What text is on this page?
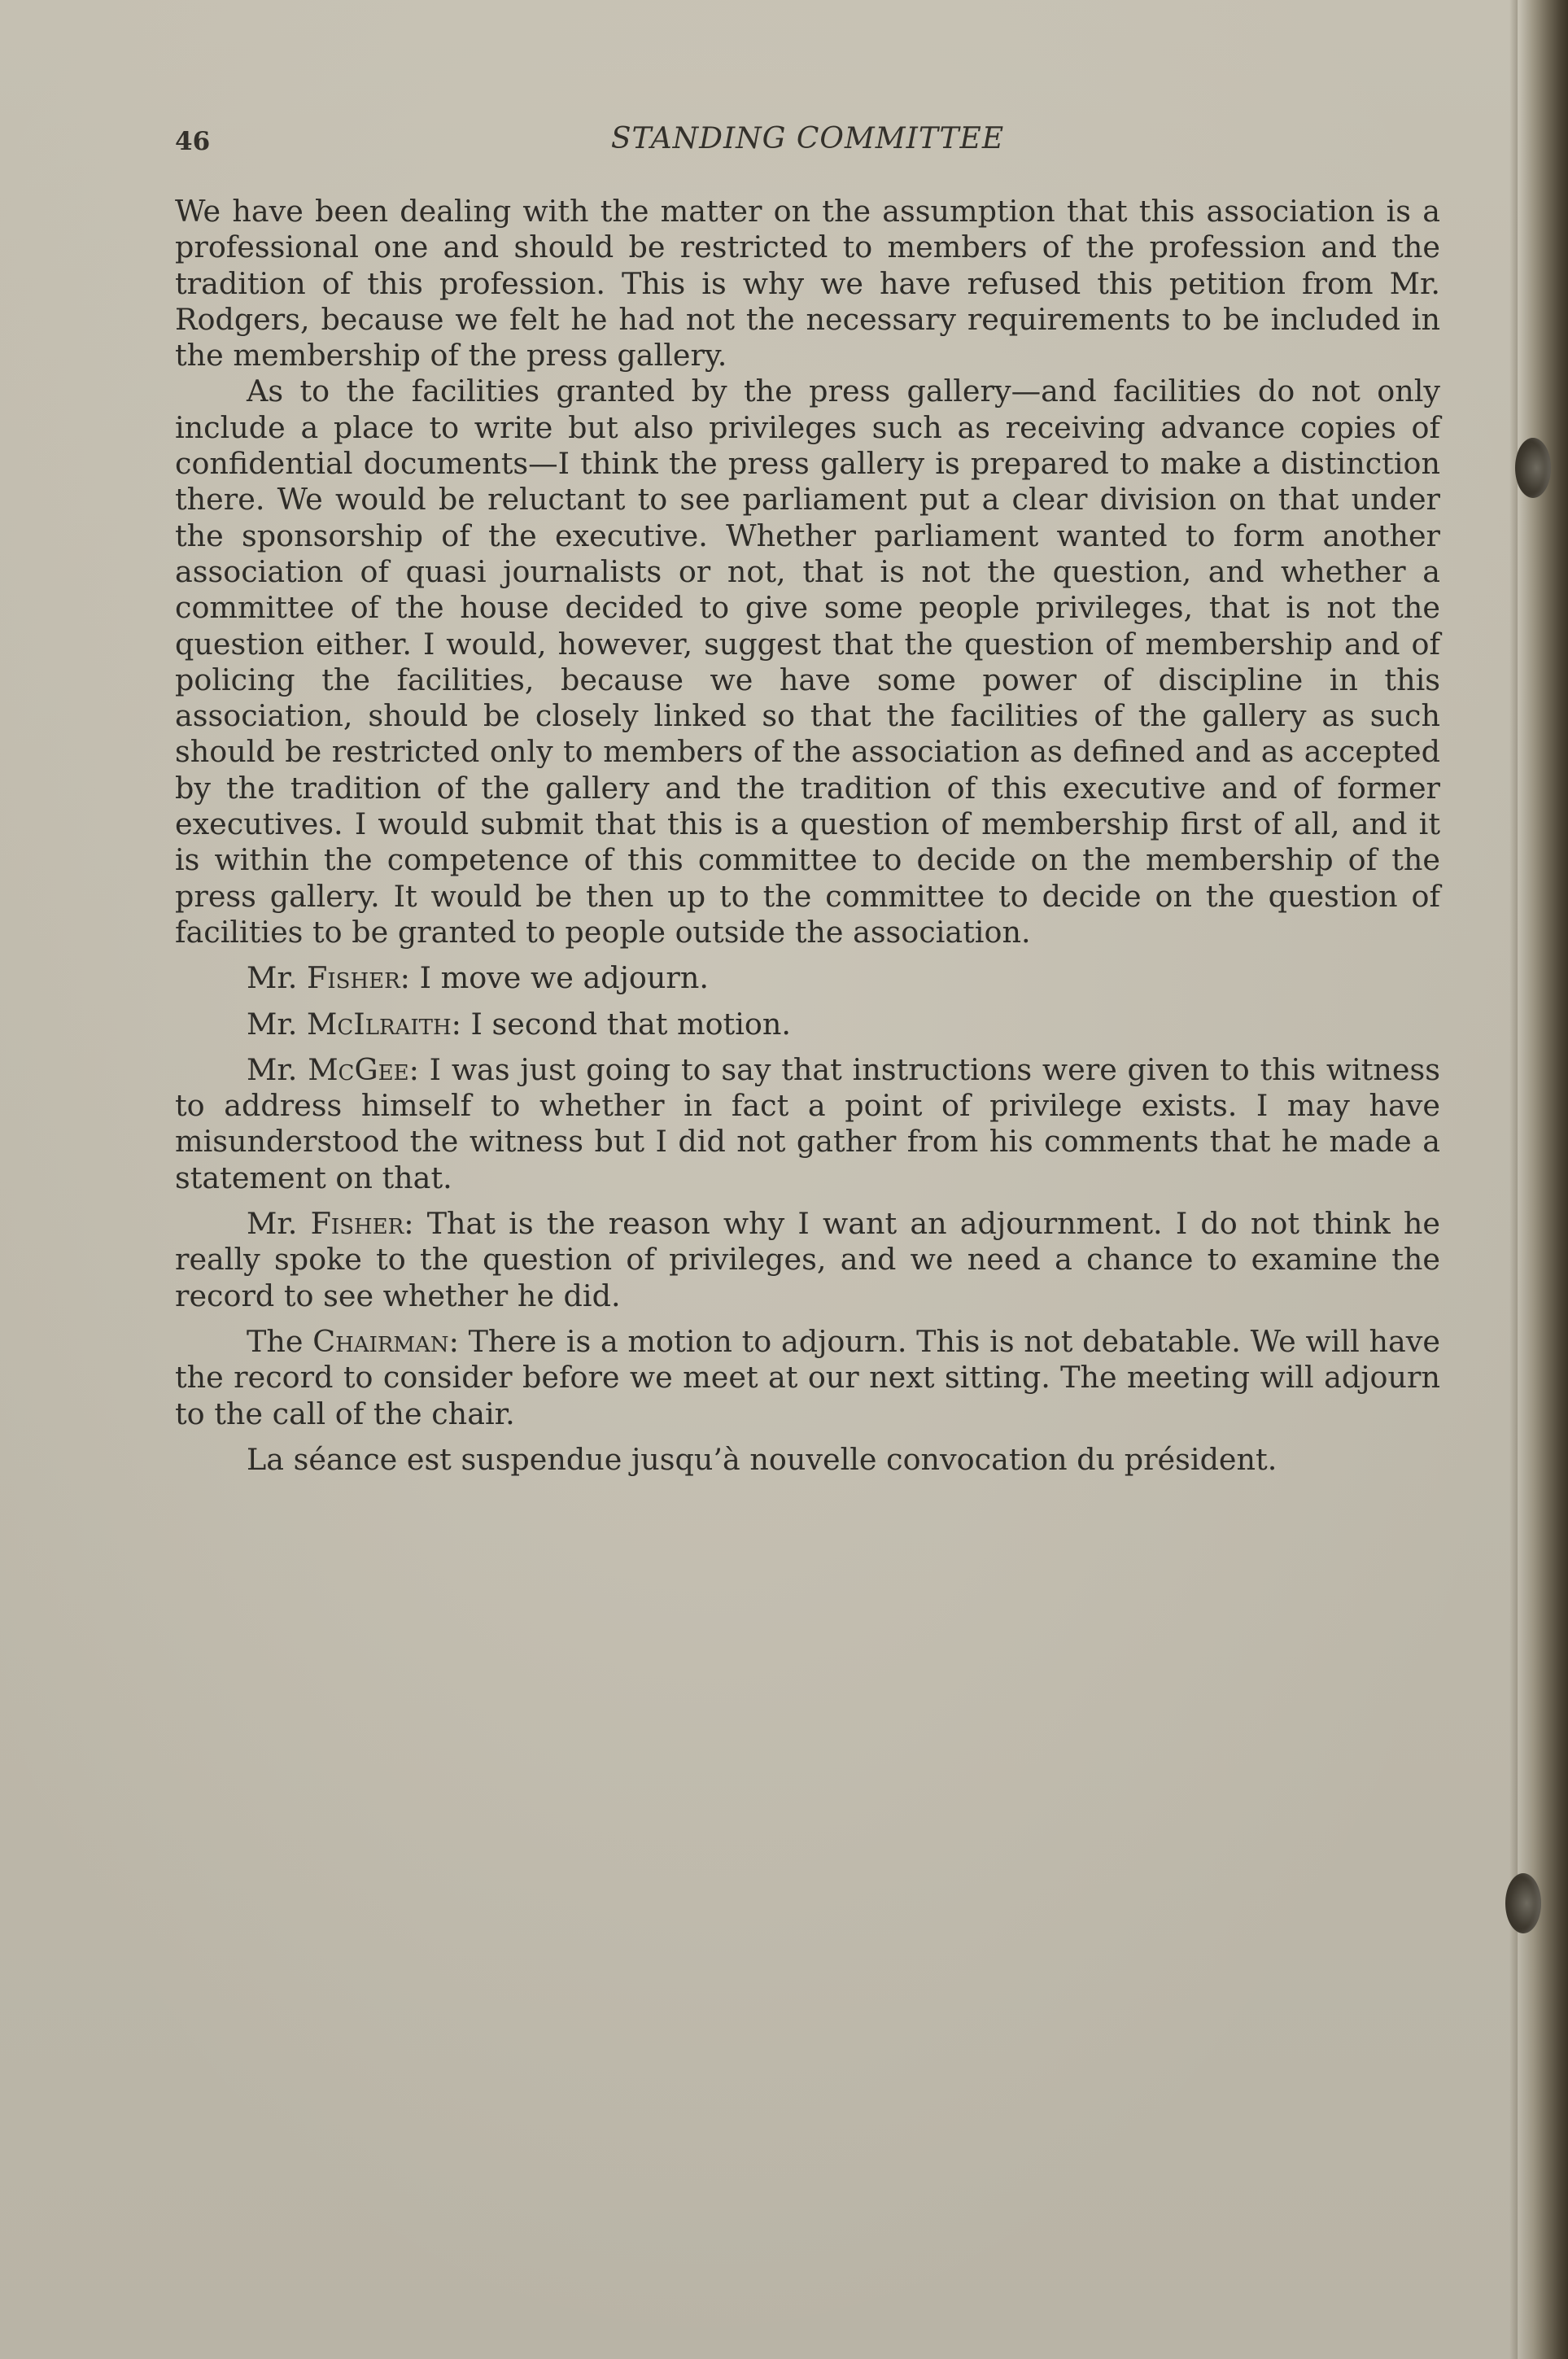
46	STANDING COMMITTEE

We have been dealing with the matter on the assumption that this association is a professional one and should be restricted to members of the profession and the tradition of this profession. This is why we have refused this petition from Mr. Rodgers, because we felt he had not the necessary requirements to be included in the membership of the press gallery.

As to the facilities granted by the press gallery—and facilities do not only include a place to write but also privileges such as receiving advance copies of confidential documents—I think the press gallery is prepared to make a distinction there. We would be reluctant to see parliament put a clear division on that under the sponsorship of the executive. Whether parliament wanted to form another association of quasi journalists or not, that is not the question, and whether a committee of the house decided to give some people privileges, that is not the question either. I would, however, suggest that the question of membership and of policing the facilities, because we have some power of discipline in this association, should be closely linked so that the facilities of the gallery as such should be restricted only to members of the association as defined and as accepted by the tradition of the gallery and the tradition of this executive and of former executives. I would submit that this is a question of membership first of all, and it is within the competence of this committee to decide on the membership of the press gallery. It would be then up to the committee to decide on the question of facilities to be granted to people outside the association.

Mr. Fisher: I move we adjourn.

Mr. McIlraith: I second that motion.

Mr. McGee: I was just going to say that instructions were given to this witness to address himself to whether in fact a point of privilege exists. I may have misunderstood the witness but I did not gather from his comments that he made a statement on that.

Mr. Fisher: That is the reason why I want an adjournment. I do not think he really spoke to the question of privileges, and we need a chance to examine the record to see whether he did.

The Chairman: There is a motion to adjourn. This is not debatable. We will have the record to consider before we meet at our next sitting. The meeting will adjourn to the call of the chair.

La séance est suspendue jusqu’à nouvelle convocation du président.
